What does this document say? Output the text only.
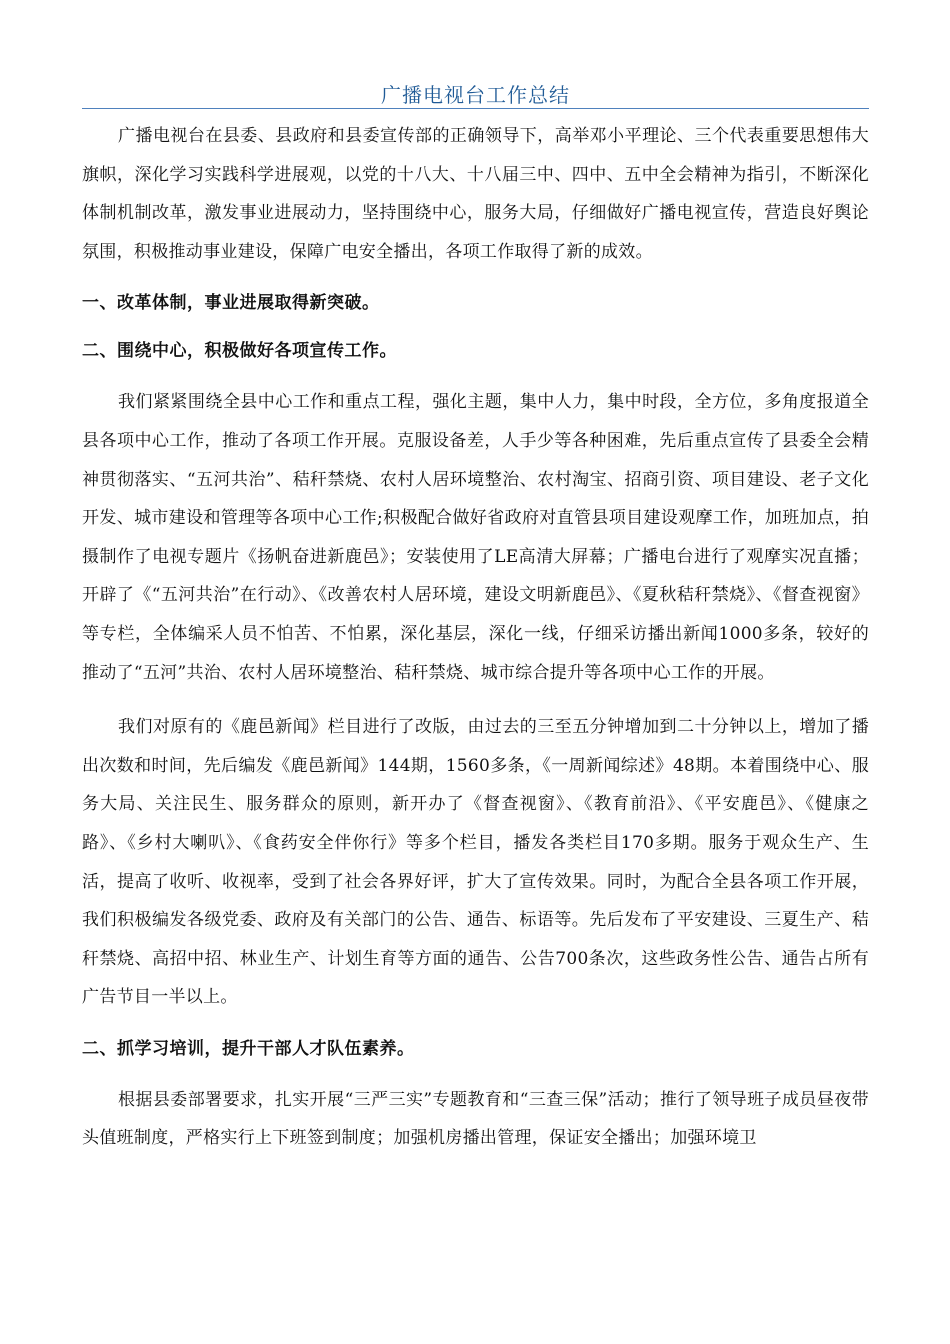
广播电视台工作总结

广播电视台在县委、县政府和县委宣传部的正确领导下，高举邓小平理论、三个代表重要思想伟大旗帜，深化学习实践科学进展观，以党的十八大、十八届三中、四中、五中全会精神为指引，不断深化体制机制改革，激发事业进展动力，坚持围绕中心，服务大局，仔细做好广播电视宣传，营造良好舆论氛围，积极推动事业建设，保障广电安全播出，各项工作取得了新的成效。

一、改革体制，事业进展取得新突破。
二、围绕中心，积极做好各项宣传工作。

我们紧紧围绕全县中心工作和重点工程，强化主题，集中人力，集中时段，全方位，多角度报道全县各项中心工作，推动了各项工作开展。克服设备差，人手少等各种困难，先后重点宣传了县委全会精神贯彻落实、“五河共治”、秸秆禁烧、农村人居环境整治、农村淘宝、招商引资、项目建设、老子文化开发、城市建设和管理等各项中心工作;积极配合做好省政府对直管县项目建设观摩工作，加班加点，拍摄制作了电视专题片《扬帆奋进新鹿邑》；安装使用了LE高清大屏幕；广播电台进行了观摩实况直播；开辟了《“五河共治”在行动》、《改善农村人居环境，建设文明新鹿邑》、《夏秋秸秆禁烧》、《督查视窗》等专栏，全体编采人员不怕苦、不怕累，深化基层，深化一线，仔细采访播出新闻1000多条，较好的推动了“五河”共治、农村人居环境整治、秸秆禁烧、城市综合提升等各项中心工作的开展。

我们对原有的《鹿邑新闻》栏目进行了改版，由过去的三至五分钟增加到二十分钟以上，增加了播出次数和时间，先后编发《鹿邑新闻》144期，1560多条，《一周新闻综述》48期。本着围绕中心、服务大局、关注民生、服务群众的原则，新开办了《督查视窗》、《教育前沿》、《平安鹿邑》、《健康之路》、《乡村大喇叭》、《食药安全伴你行》等多个栏目，播发各类栏目170多期。服务于观众生产、生活，提高了收听、收视率，受到了社会各界好评，扩大了宣传效果。同时，为配合全县各项工作开展，我们积极编发各级党委、政府及有关部门的公告、通告、标语等。先后发布了平安建设、三夏生产、秸秆禁烧、高招中招、林业生产、计划生育等方面的通告、公告700条次，这些政务性公告、通告占所有广告节目一半以上。

二、抓学习培训，提升干部人才队伍素养。

根据县委部署要求，扎实开展“三严三实”专题教育和“三查三保”活动；推行了领导班子成员昼夜带头值班制度，严格实行上下班签到制度；加强机房播出管理，保证安全播出；加强环境卫
